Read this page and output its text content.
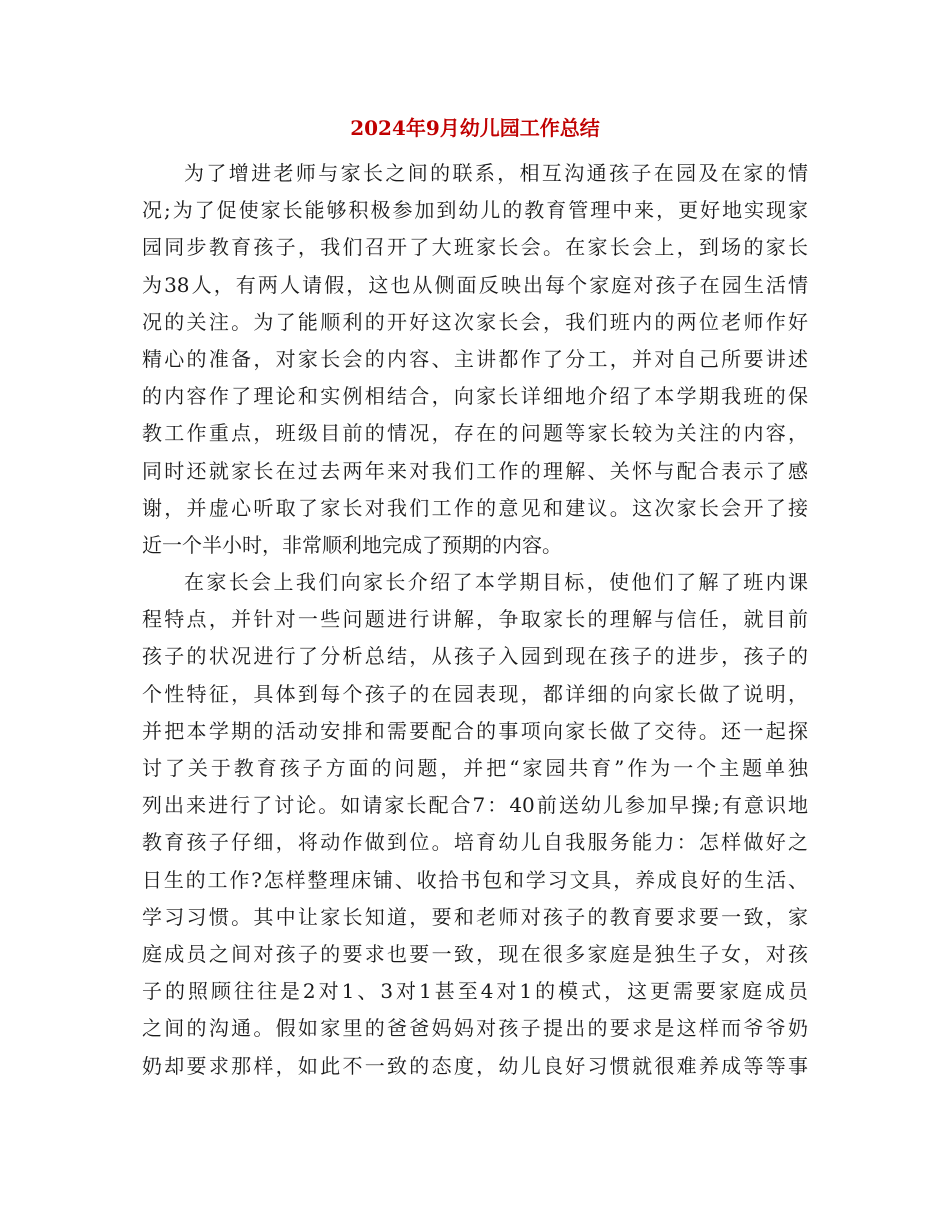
2024年9月幼儿园工作总结

为了增进老师与家长之间的联系，相互沟通孩子在园及在家的情
况;为了促使家长能够积极参加到幼儿的教育管理中来，更好地实现家
园同步教育孩子，我们召开了大班家长会。在家长会上，到场的家长
为38人，有两人请假，这也从侧面反映出每个家庭对孩子在园生活情
况的关注。为了能顺利的开好这次家长会，我们班内的两位老师作好
精心的准备，对家长会的内容、主讲都作了分工，并对自己所要讲述
的内容作了理论和实例相结合，向家长详细地介绍了本学期我班的保
教工作重点，班级目前的情况，存在的问题等家长较为关注的内容，
同时还就家长在过去两年来对我们工作的理解、关怀与配合表示了感
谢，并虚心听取了家长对我们工作的意见和建议。这次家长会开了接
近一个半小时，非常顺利地完成了预期的内容。

在家长会上我们向家长介绍了本学期目标，使他们了解了班内课
程特点，并针对一些问题进行讲解，争取家长的理解与信任，就目前
孩子的状况进行了分析总结，从孩子入园到现在孩子的进步，孩子的
个性特征，具体到每个孩子的在园表现，都详细的向家长做了说明，
并把本学期的活动安排和需要配合的事项向家长做了交待。还一起探
讨了关于教育孩子方面的问题，并把“家园共育”作为一个主题单独
列出来进行了讨论。如请家长配合7：40前送幼儿参加早操;有意识地
教育孩子仔细，将动作做到位。培育幼儿自我服务能力：怎样做好之
日生的工作?怎样整理床铺、收拾书包和学习文具，养成良好的生活、
学习习惯。其中让家长知道，要和老师对孩子的教育要求要一致，家
庭成员之间对孩子的要求也要一致，现在很多家庭是独生子女，对孩
子的照顾往往是2对1、3对1甚至4对1的模式，这更需要家庭成员
之间的沟通。假如家里的爸爸妈妈对孩子提出的要求是这样而爷爷奶
奶却要求那样，如此不一致的态度，幼儿良好习惯就很难养成等等事
